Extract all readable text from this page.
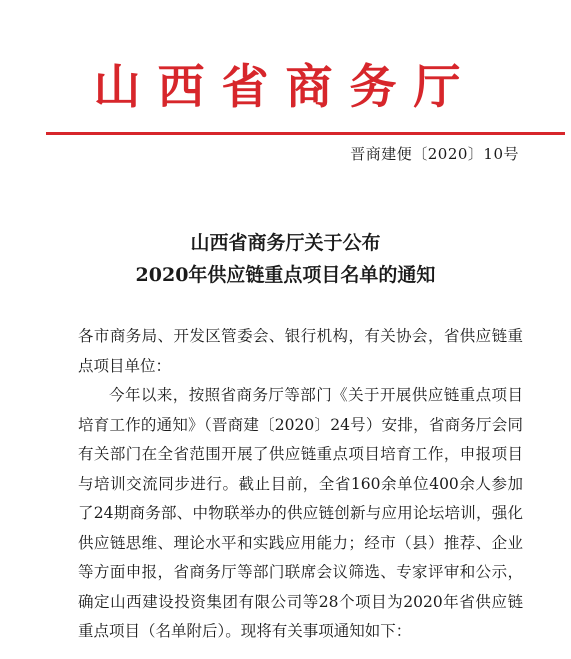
山西省商务厅
晋商建便〔2020〕10号
山西省商务厅关于公布
2020年供应链重点项目名单的通知

各市商务局、开发区管委会、银行机构，有关协会，省供应链重点项目单位：

今年以来，按照省商务厅等部门《关于开展供应链重点项目培育工作的通知》（晋商建〔2020〕24号）安排，省商务厅会同有关部门在全省范围开展了供应链重点项目培育工作，申报项目与培训交流同步进行。截止目前，全省160余单位400余人参加了24期商务部、中物联举办的供应链创新与应用论坛培训，强化供应链思维、理论水平和实践应用能力；经市（县）推荐、企业等方面申报，省商务厅等部门联席会议筛选、专家评审和公示，确定山西建设投资集团有限公司等28个项目为2020年省供应链重点项目（名单附后）。现将有关事项通知如下：
